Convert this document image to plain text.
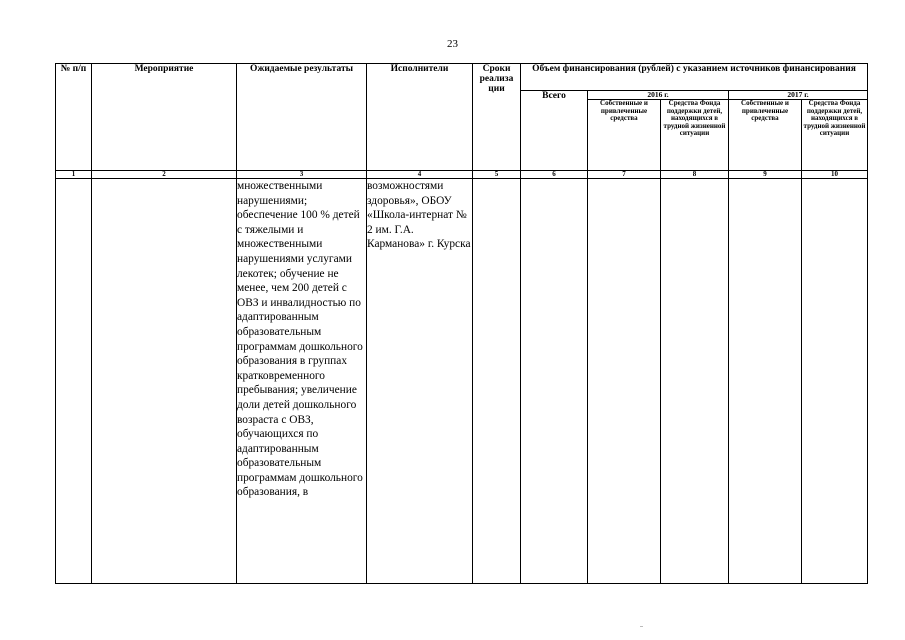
23
№ п/п	Мероприятие	Ожидаемые результаты	Исполнители	Сроки реализа ции	Объем финансирования (рублей) с указанием источников финансирования				
					Всего	2016 г.		2017 г.	
						Собственные и привлеченные средства	Средства Фонда поддержки детей, находящихся в трудной жизненной ситуации	Собственные и привлеченные средства	Средства Фонда поддержки детей, находящихся в трудной жизненной ситуации
1	2	3	4	5	6	7	8	9	10
		множественными нарушениями; обеспечение 100 % детей с тяжелыми и множественными нарушениями услугами лекотек; обучение не менее, чем 200 детей с ОВЗ и инвалидностью по адаптированным образовательным программам дошкольного образования в группах кратковременного пребывания; увеличение доли детей дошкольного возраста с ОВЗ, обучающихся по адаптированным образовательным программам дошкольного образования, в	возможностями здоровья», ОБОУ «Школа-интернат № 2 им. Г.А. Карманова» г. Курска						
